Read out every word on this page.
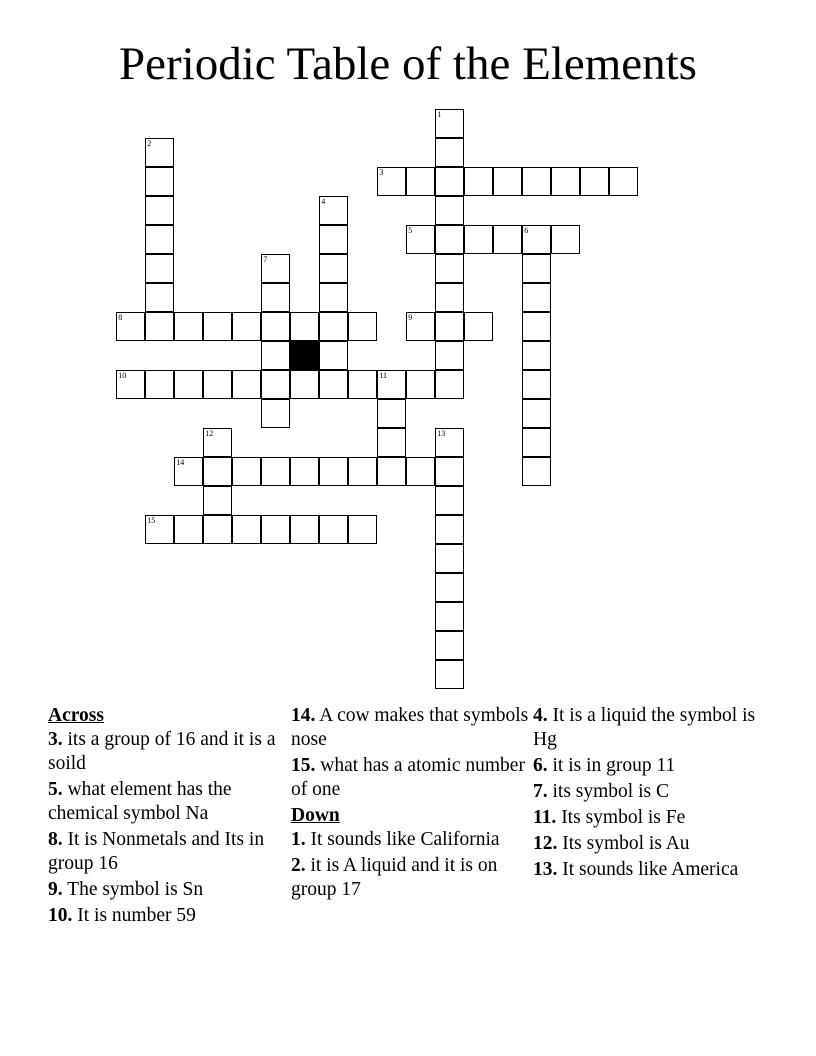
Periodic Table of the Elements
1
2
3
4
5	6
7
8	9
10	11
12	13
14
15
Across
3. its a group of 16 and it is a soild
5. what element has the chemical symbol Na
8. It is Nonmetals and Its in group 16
9. The symbol is Sn
10. It is number 59
14. A cow makes that symbols nose
15. what has a atomic number of one
Down
1. It sounds like California
2. it is A liquid and it is on group 17
4. It is a liquid the symbol is Hg
6. it is in group 11
7. its symbol is C
11. Its symbol is Fe
12. Its symbol is Au
13. It sounds like America
